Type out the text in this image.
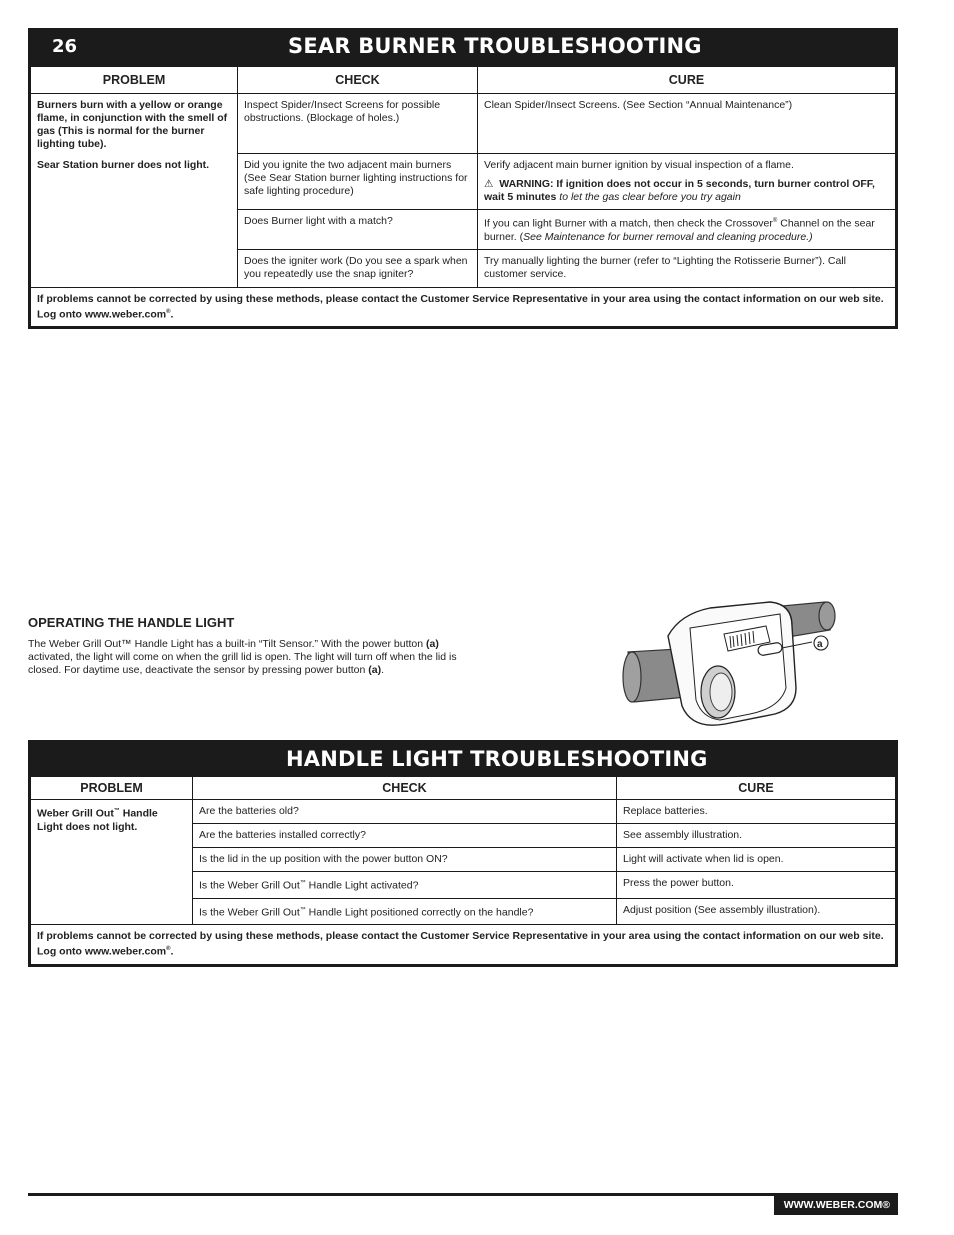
26	SEAR BURNER TROUBLESHOOTING
PROBLEM	CHECK	CURE

Burners burn with a yellow or orange flame, in conjunction with the smell of gas (This is normal for the burner lighting tube).
Sear Station burner does not light.	Inspect Spider/Insect Screens for possible obstructions. (Blockage of holes.)	Clean Spider/Insect Screens. (See Section “Annual Maintenance”)
	Did you ignite the two adjacent main burners (See Sear Station burner lighting instructions for safe lighting procedure)	Verify adjacent main burner ignition by visual inspection of a flame.
⚠ WARNING: If ignition does not occur in 5 seconds, turn burner control OFF, wait 5 minutes to let the gas clear before you try again

	Does Burner light with a match?	If you can light Burner with a match, then check the Crossover® Channel on the sear burner. (See Maintenance for burner removal and cleaning procedure.)
	Does the igniter work (Do you see a spark when you repeatedly use the snap igniter?	Try manually lighting the burner (refer to “Lighting the Rotisserie Burner”). Call customer service.
If problems cannot be corrected by using these methods, please contact the Customer Service Representative in your area using the contact information on our web site. Log onto www.weber.com®.		
OPERATING THE HANDLE LIGHT
The Weber Grill Out™ Handle Light has a built-in “Tilt Sensor.” With the power button (a) activated, the light will come on when the grill lid is open. The light will turn off when the lid is closed. For daytime use, deactivate the sensor by pressing power button (a).
a
HANDLE LIGHT TROUBLESHOOTING
PROBLEM	CHECK	CURE
Weber Grill Out™ Handle Light does not light.	Are the batteries old?	Replace batteries.
	Are the batteries installed correctly?	See assembly illustration.
	Is the lid in the up position with the power button ON?	Light will activate when lid is open.
	Is the Weber Grill Out™ Handle Light activated?	Press the power button.
	Is the Weber Grill Out™ Handle Light positioned correctly on the handle?	Adjust position (See assembly illustration).
If problems cannot be corrected by using these methods, please contact the Customer Service Representative in your area using the contact information on our web site. Log onto www.weber.com®.		
WWW.WEBER.COM®
